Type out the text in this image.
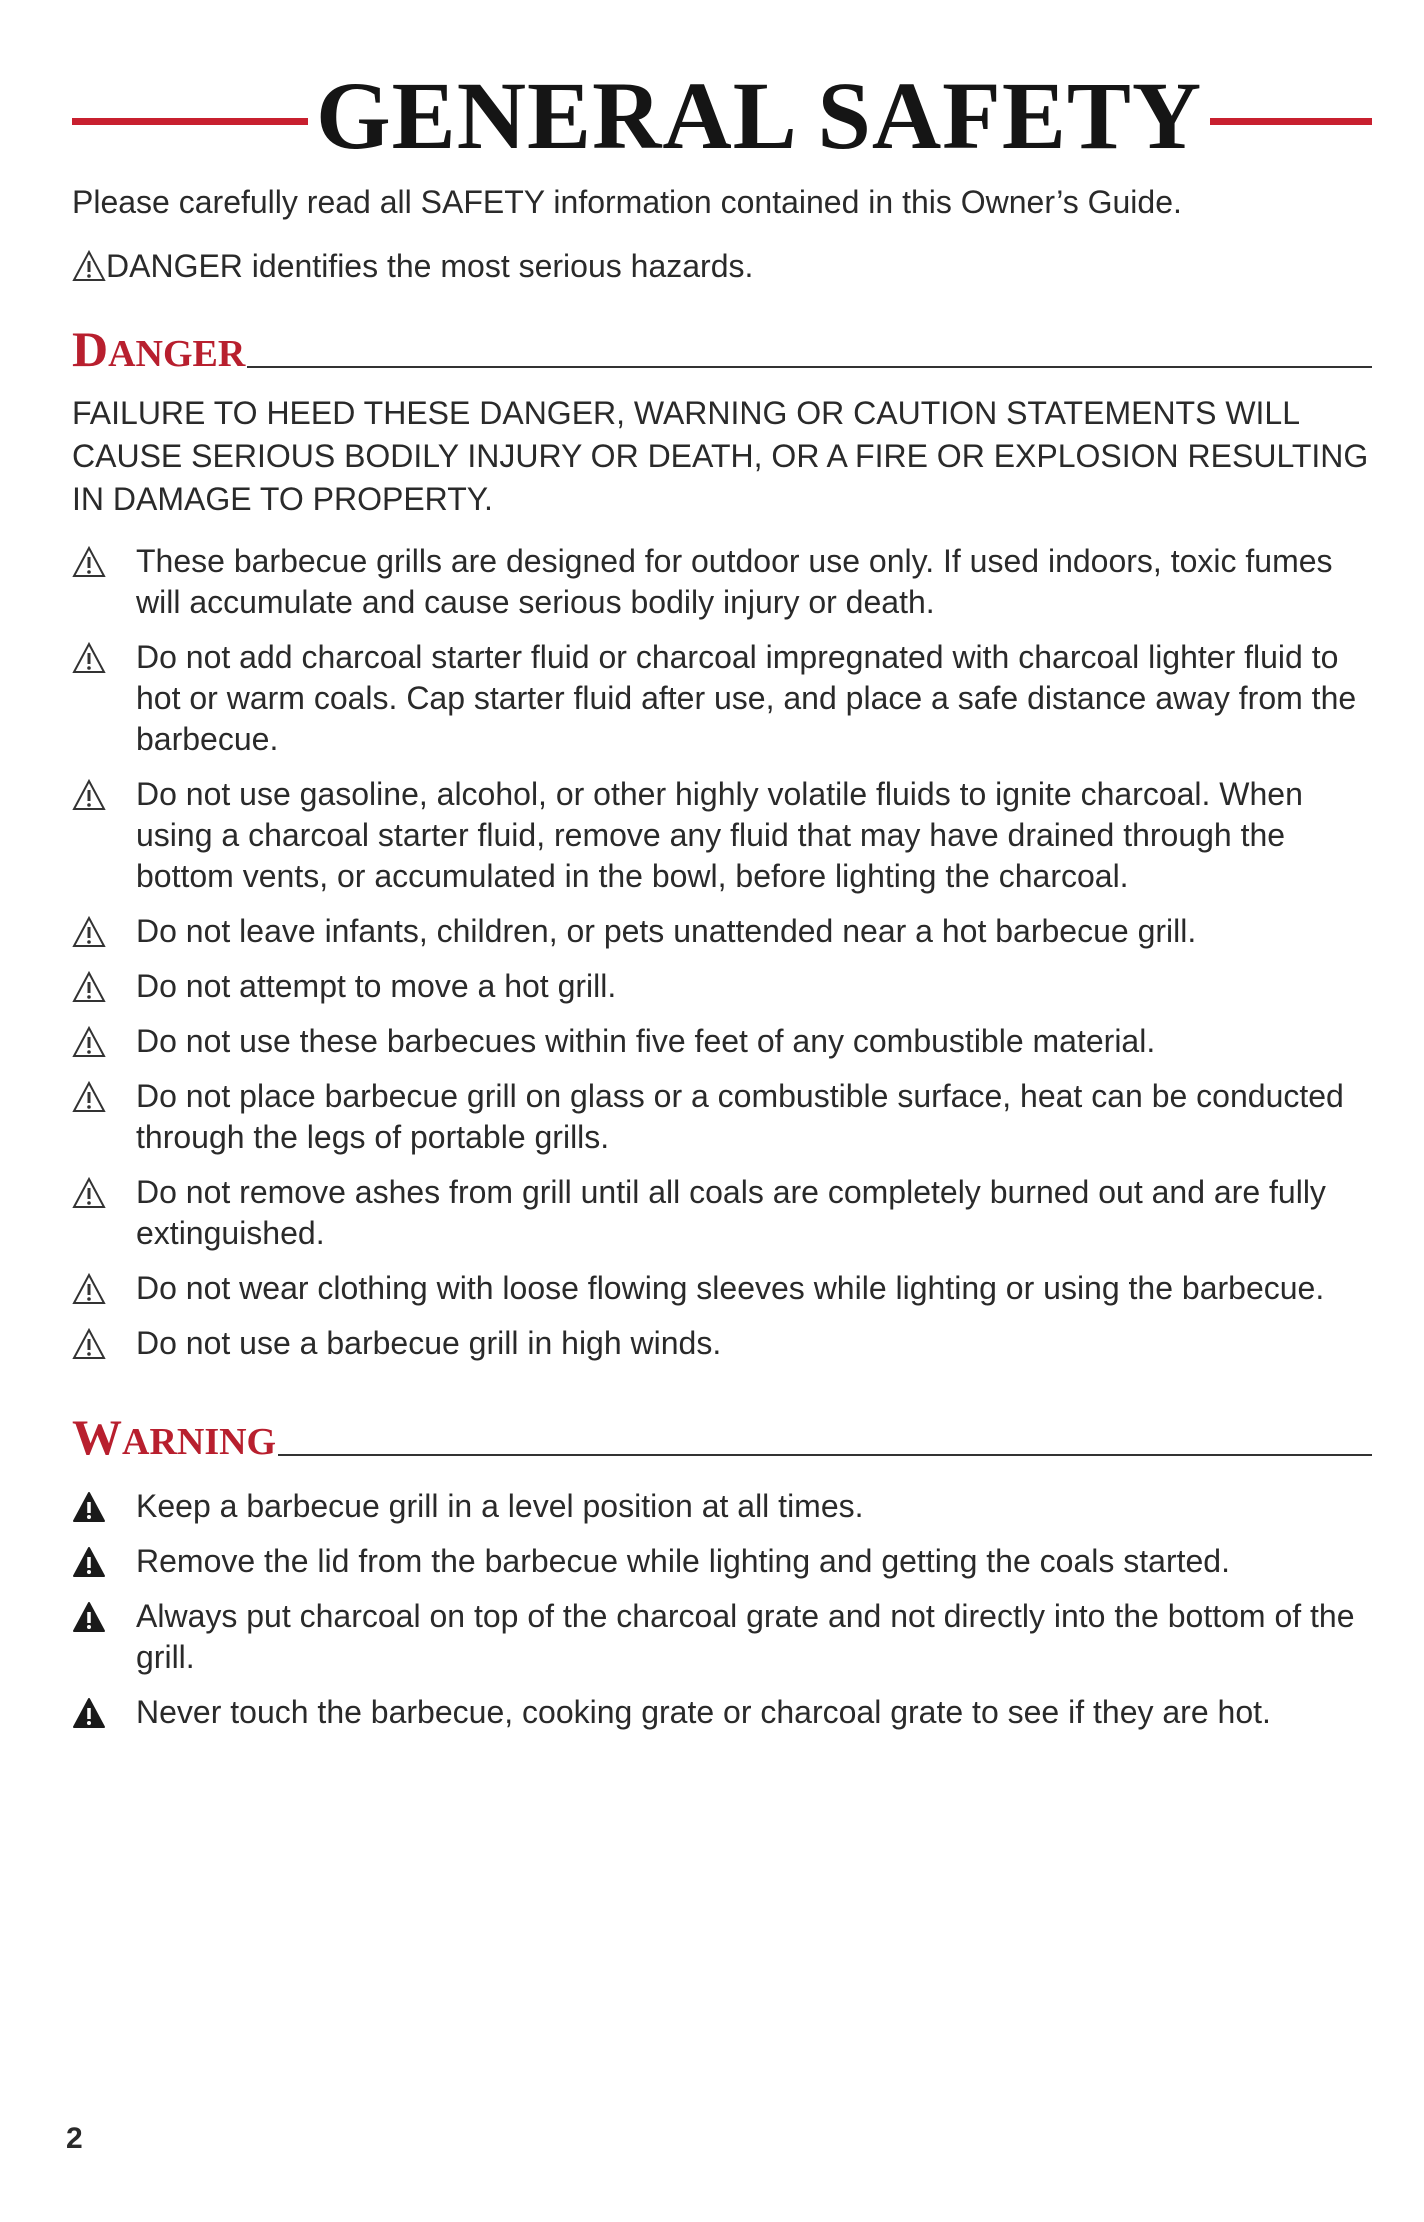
GENERAL SAFETY
Please carefully read all SAFETY information contained in this Owner’s Guide.
DANGER identifies the most serious hazards.
DANGER
FAILURE TO HEED THESE DANGER, WARNING OR CAUTION STATEMENTS WILL CAUSE SERIOUS BODILY INJURY OR DEATH, OR A FIRE OR EXPLOSION RESULTING IN DAMAGE TO PROPERTY.
These barbecue grills are designed for outdoor use only. If used indoors, toxic fumes will accumulate and cause serious bodily injury or death.
Do not add charcoal starter fluid or charcoal impregnated with charcoal lighter fluid to hot or warm coals. Cap starter fluid after use, and place a safe distance away from the barbecue.
Do not use gasoline, alcohol, or other highly volatile fluids to ignite charcoal. When using a charcoal starter fluid, remove any fluid that may have drained through the bottom vents, or accumulated in the bowl, before lighting the charcoal.
Do not leave infants, children, or pets unattended near a hot barbecue grill.
Do not attempt to move a hot grill.
Do not use these barbecues within five feet of any combustible material.
Do not place barbecue grill on glass or a combustible surface, heat can be conducted through the legs of portable grills.
Do not remove ashes from grill until all coals are completely burned out and are fully extinguished.
Do not wear clothing with loose flowing sleeves while lighting or using the barbecue.
Do not use a barbecue grill in high winds.
WARNING
Keep a barbecue grill in a level position at all times.
Remove the lid from the barbecue while lighting and getting the coals started.
Always put charcoal on top of the charcoal grate and not directly into the bottom of the grill.
Never touch the barbecue, cooking grate or charcoal grate to see if they are hot.
2
